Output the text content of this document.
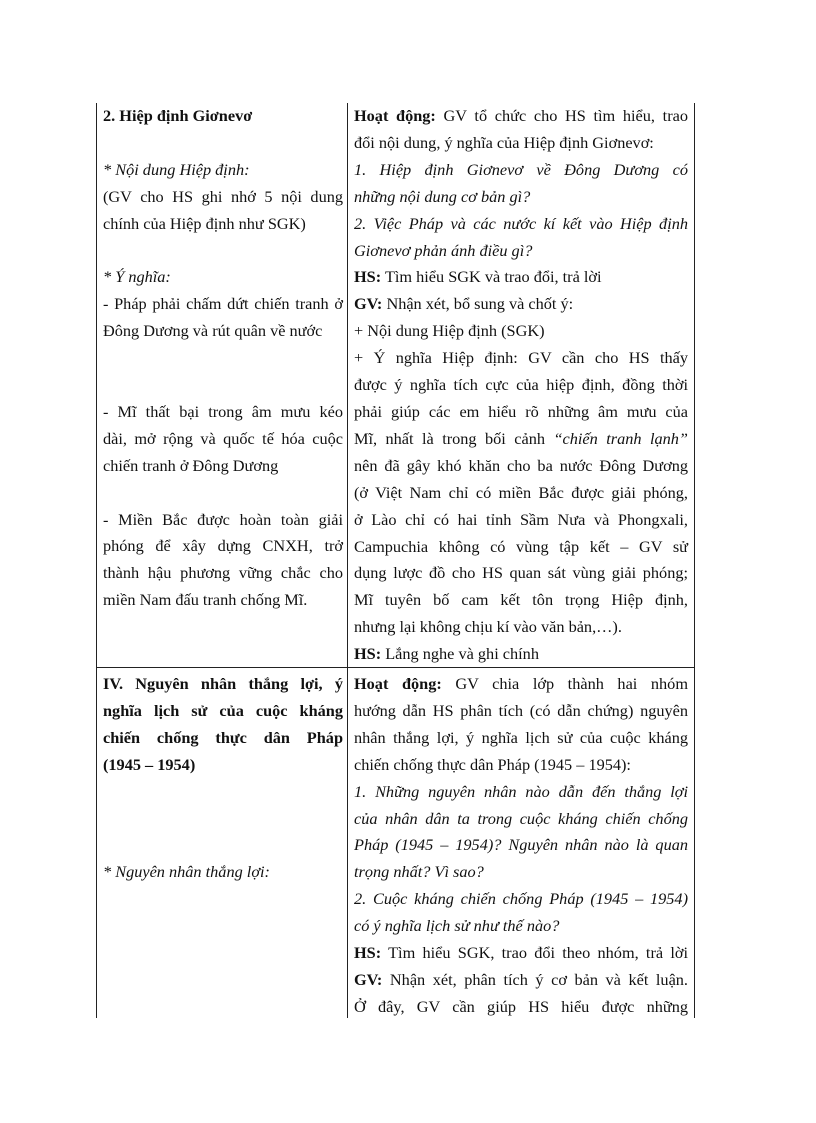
2. Hiệp định Giơnevơ
* Nội dung Hiệp định:
(GV cho HS ghi nhớ 5 nội dung
chính của Hiệp định như SGK)
* Ý nghĩa:
- Pháp phải chấm dứt chiến tranh ở
Đông Dương và rút quân về nước
- Mĩ thất bại trong âm mưu kéo
dài, mở rộng và quốc tế hóa cuộc
chiến tranh ở Đông Dương
- Miền Bắc được hoàn toàn giải
phóng để xây dựng CNXH, trở
thành hậu phương vững chắc cho
miền Nam đấu tranh chống Mĩ.
Hoạt động: GV tổ chức cho HS tìm hiểu, trao
đổi nội dung, ý nghĩa của Hiệp định Giơnevơ:
1. Hiệp định Giơnevơ về Đông Dương có
những nội dung cơ bản gì?
2. Việc Pháp và các nước kí kết vào Hiệp định
Giơnevơ phản ánh điều gì?
HS: Tìm hiểu SGK và trao đổi, trả lời
GV: Nhận xét, bổ sung và chốt ý:
+ Nội dung Hiệp định (SGK)
+ Ý nghĩa Hiệp định: GV cần cho HS thấy
được ý nghĩa tích cực của hiệp định, đồng thời
phải giúp các em hiểu rõ những âm mưu của
Mĩ, nhất là trong bối cảnh “chiến tranh lạnh”
nên đã gây khó khăn cho ba nước Đông Dương
(ở Việt Nam chỉ có miền Bắc được giải phóng,
ở Lào chỉ có hai tỉnh Sầm Nưa và Phongxali,
Campuchia không có vùng tập kết – GV sử
dụng lược đồ cho HS quan sát vùng giải phóng;
Mĩ tuyên bố cam kết tôn trọng Hiệp định,
nhưng lại không chịu kí vào văn bản,…).
HS: Lắng nghe và ghi chính
IV. Nguyên nhân thắng lợi, ý
nghĩa lịch sử của cuộc kháng
chiến chống thực dân Pháp
(1945 – 1954)
* Nguyên nhân thắng lợi:
Hoạt động: GV chia lớp thành hai nhóm
hướng dẫn HS phân tích (có dẫn chứng) nguyên
nhân thắng lợi, ý nghĩa lịch sử của cuộc kháng
chiến chống thực dân Pháp (1945 – 1954):
1. Những nguyên nhân nào dẫn đến thắng lợi
của nhân dân ta trong cuộc kháng chiến chống
Pháp (1945 – 1954)? Nguyên nhân nào là quan
trọng nhất? Vì sao?
2. Cuộc kháng chiến chống Pháp (1945 – 1954)
có ý nghĩa lịch sử như thế nào?
HS: Tìm hiểu SGK, trao đổi theo nhóm, trả lời
GV: Nhận xét, phân tích ý cơ bản và kết luận.
Ở đây, GV cần giúp HS hiểu được những
